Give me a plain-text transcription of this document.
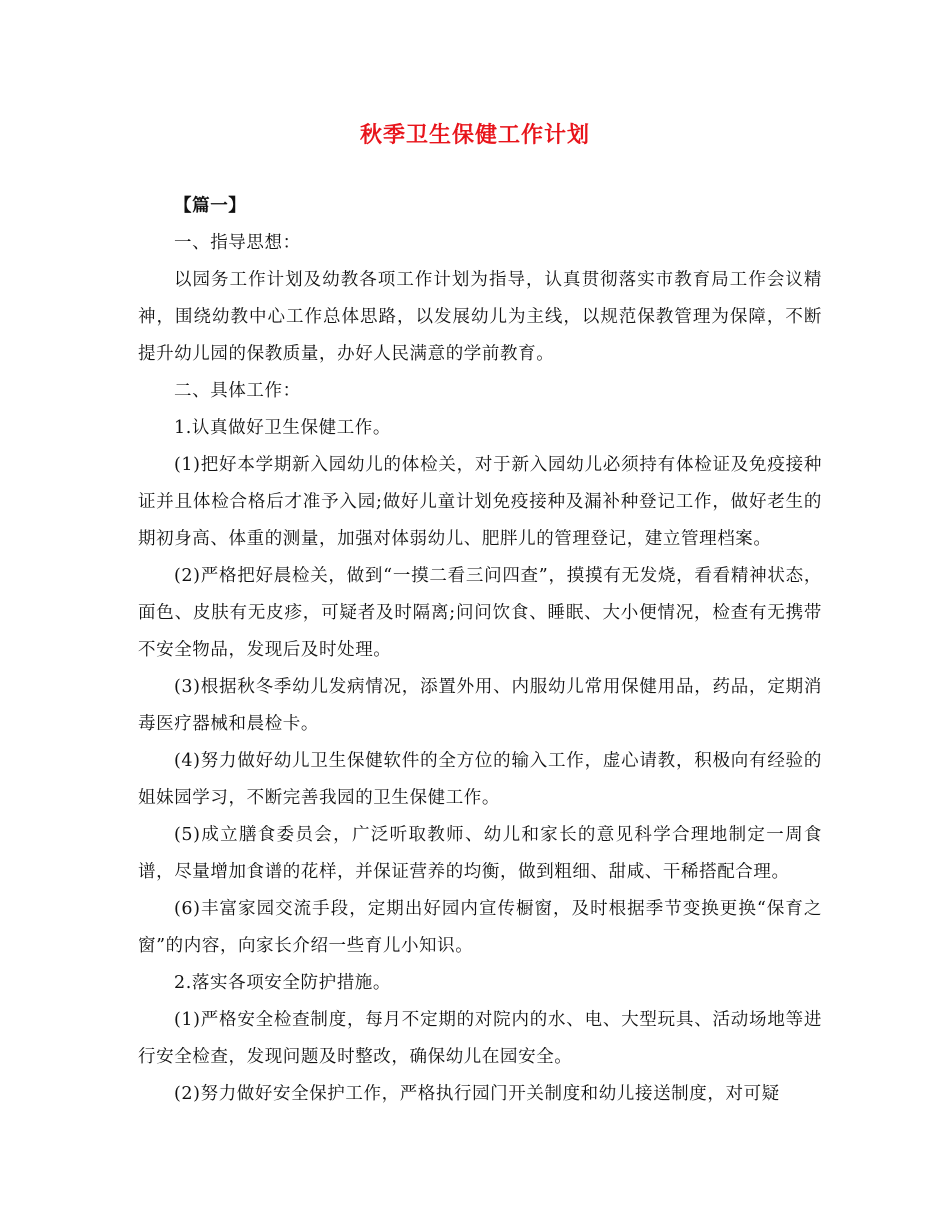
秋季卫生保健工作计划

【篇一】

一、指导思想：

以园务工作计划及幼教各项工作计划为指导，认真贯彻落实市教育局工作会议精神，围绕幼教中心工作总体思路，以发展幼儿为主线，以规范保教管理为保障，不断提升幼儿园的保教质量，办好人民满意的学前教育。

二、具体工作：

1.认真做好卫生保健工作。

(1)把好本学期新入园幼儿的体检关，对于新入园幼儿必须持有体检证及免疫接种证并且体检合格后才准予入园;做好儿童计划免疫接种及漏补种登记工作，做好老生的期初身高、体重的测量，加强对体弱幼儿、肥胖儿的管理登记，建立管理档案。

(2)严格把好晨检关，做到“一摸二看三问四查”，摸摸有无发烧，看看精神状态，面色、皮肤有无皮疹，可疑者及时隔离;问问饮食、睡眠、大小便情况，检查有无携带不安全物品，发现后及时处理。

(3)根据秋冬季幼儿发病情况，添置外用、内服幼儿常用保健用品，药品，定期消毒医疗器械和晨检卡。

(4)努力做好幼儿卫生保健软件的全方位的输入工作，虚心请教，积极向有经验的姐妹园学习，不断完善我园的卫生保健工作。

(5)成立膳食委员会，广泛听取教师、幼儿和家长的意见科学合理地制定一周食谱，尽量增加食谱的花样，并保证营养的均衡，做到粗细、甜咸、干稀搭配合理。

(6)丰富家园交流手段，定期出好园内宣传橱窗，及时根据季节变换更换“保育之窗”的内容，向家长介绍一些育儿小知识。

2.落实各项安全防护措施。

(1)严格安全检查制度，每月不定期的对院内的水、电、大型玩具、活动场地等进行安全检查，发现问题及时整改，确保幼儿在园安全。

(2)努力做好安全保护工作，严格执行园门开关制度和幼儿接送制度，对可疑
